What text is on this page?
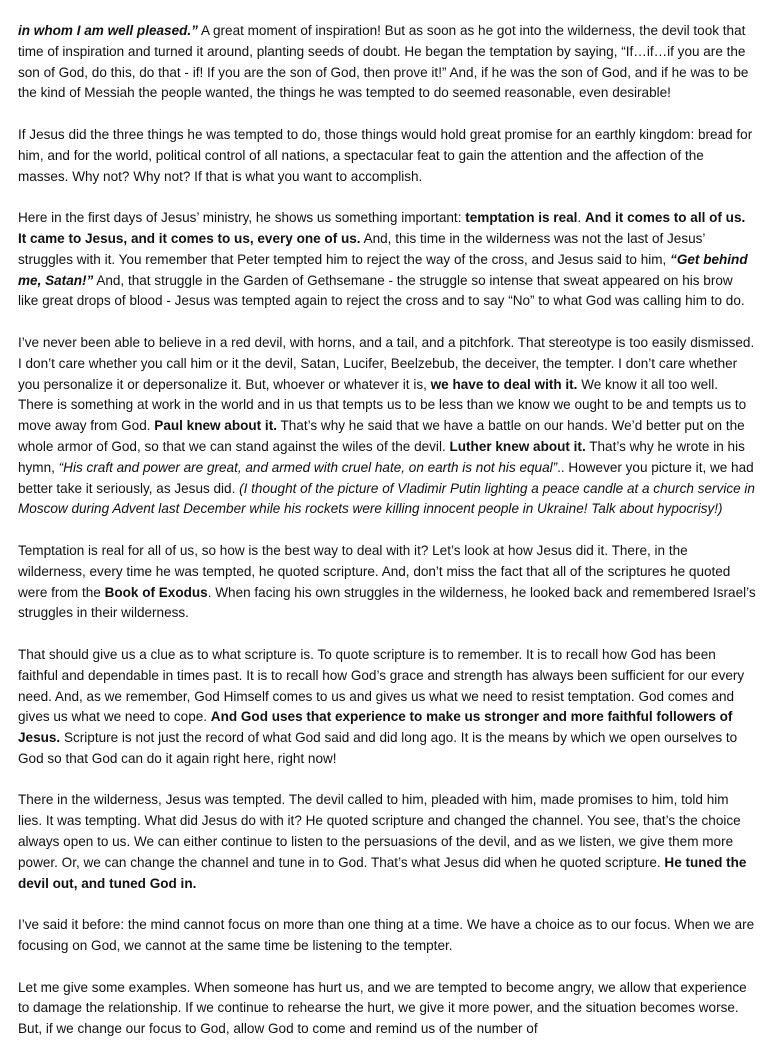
in whom I am well pleased.” A great moment of inspiration! But as soon as he got into the wilderness, the devil took that time of inspiration and turned it around, planting seeds of doubt. He began the temptation by saying, “If…if…if you are the son of God, do this, do that - if! If you are the son of God, then prove it!” And, if he was the son of God, and if he was to be the kind of Messiah the people wanted, the things he was tempted to do seemed reasonable, even desirable!

If Jesus did the three things he was tempted to do, those things would hold great promise for an earthly kingdom: bread for him, and for the world, political control of all nations, a spectacular feat to gain the attention and the affection of the masses. Why not? Why not? If that is what you want to accomplish.

Here in the first days of Jesus’ ministry, he shows us something important: temptation is real. And it comes to all of us. It came to Jesus, and it comes to us, every one of us. And, this time in the wilderness was not the last of Jesus’ struggles with it. You remember that Peter tempted him to reject the way of the cross, and Jesus said to him, “Get behind me, Satan!” And, that struggle in the Garden of Gethsemane - the struggle so intense that sweat appeared on his brow like great drops of blood - Jesus was tempted again to reject the cross and to say “No” to what God was calling him to do.

I’ve never been able to believe in a red devil, with horns, and a tail, and a pitchfork. That stereotype is too easily dismissed. I don’t care whether you call him or it the devil, Satan, Lucifer, Beelzebub, the deceiver, the tempter. I don’t care whether you personalize it or depersonalize it. But, whoever or whatever it is, we have to deal with it. We know it all too well. There is something at work in the world and in us that tempts us to be less than we know we ought to be and tempts us to move away from God. Paul knew about it. That’s why he said that we have a battle on our hands. We’d better put on the whole armor of God, so that we can stand against the wiles of the devil. Luther knew about it. That’s why he wrote in his hymn, “His craft and power are great, and armed with cruel hate, on earth is not his equal”.. However you picture it, we had better take it seriously, as Jesus did. (I thought of the picture of Vladimir Putin lighting a peace candle at a church service in Moscow during Advent last December while his rockets were killing innocent people in Ukraine! Talk about hypocrisy!)

Temptation is real for all of us, so how is the best way to deal with it? Let’s look at how Jesus did it. There, in the wilderness, every time he was tempted, he quoted scripture. And, don’t miss the fact that all of the scriptures he quoted were from the Book of Exodus. When facing his own struggles in the wilderness, he looked back and remembered Israel’s struggles in their wilderness.

That should give us a clue as to what scripture is. To quote scripture is to remember. It is to recall how God has been faithful and dependable in times past. It is to recall how God’s grace and strength has always been sufficient for our every need. And, as we remember, God Himself comes to us and gives us what we need to resist temptation. God comes and gives us what we need to cope. And God uses that experience to make us stronger and more faithful followers of Jesus. Scripture is not just the record of what God said and did long ago. It is the means by which we open ourselves to God so that God can do it again right here, right now!

There in the wilderness, Jesus was tempted. The devil called to him, pleaded with him, made promises to him, told him lies. It was tempting. What did Jesus do with it? He quoted scripture and changed the channel. You see, that’s the choice always open to us. We can either continue to listen to the persuasions of the devil, and as we listen, we give them more power. Or, we can change the channel and tune in to God. That’s what Jesus did when he quoted scripture. He tuned the devil out, and tuned God in.

I’ve said it before: the mind cannot focus on more than one thing at a time. We have a choice as to our focus. When we are focusing on God, we cannot at the same time be listening to the tempter.

Let me give some examples. When someone has hurt us, and we are tempted to become angry, we allow that experience to damage the relationship. If we continue to rehearse the hurt, we give it more power, and the situation becomes worse. But, if we change our focus to God, allow God to come and remind us of the number of
